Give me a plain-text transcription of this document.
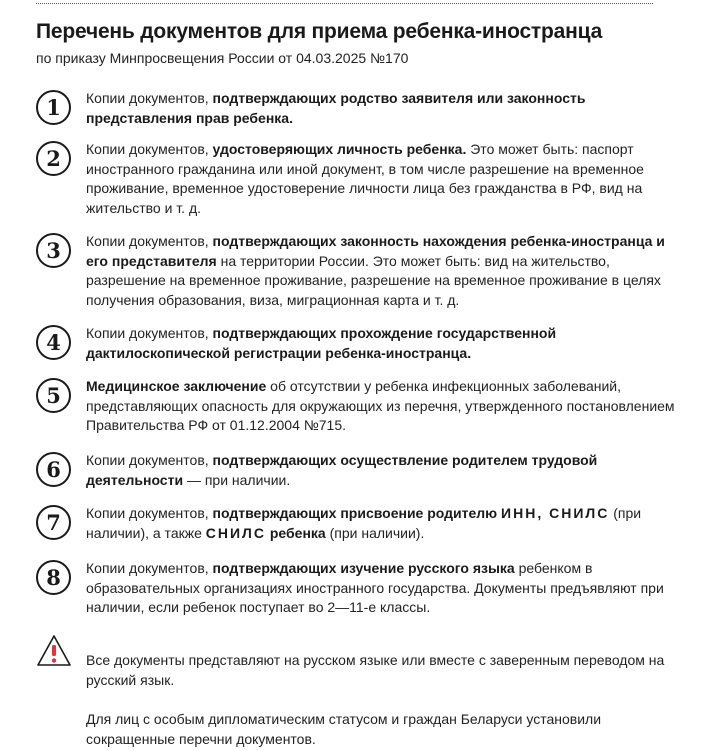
Перечень документов для приема ребенка-иностранца
по приказу Минпросвещения России от 04.03.2025 №170
1	Копии документов, подтверждающих родство заявителя или законность представления прав ребенка.
2	Копии документов, удостоверяющих личность ребенка. Это может быть: паспорт иностранного гражданина или иной документ, в том числе разрешение на временное проживание, временное удостоверение личности лица без гражданства в РФ, вид на жительство и т. д.
3	Копии документов, подтверждающих законность нахождения ребенка-иностранца и его представителя на территории России. Это может быть: вид на жительство, разрешение на временное проживание, разрешение на временное проживание в целях получения образования, виза, миграционная карта и т. д.
4	Копии документов, подтверждающих прохождение государственной дактилоскопической регистрации ребенка-иностранца.
5	Медицинское заключение об отсутствии у ребенка инфекционных заболеваний, представляющих опасность для окружающих из перечня, утвержденного постановлением Правительства РФ от 01.12.2004 №715.
6	Копии документов, подтверждающих осуществление родителем трудовой деятельности — при наличии.
7	Копии документов, подтверждающих присвоение родителю ИНН, СНИЛС (при наличии), а также СНИЛС ребенка (при наличии).
8	Копии документов, подтверждающих изучение русского языка ребенком в образовательных организациях иностранного государства. Документы предъявляют при наличии, если ребенок поступает во 2—11-е классы.
Все документы представляют на русском языке или вместе с заверенным переводом на русский язык.
Для лиц с особым дипломатическим статусом и граждан Беларуси установили сокращенные перечни документов.
